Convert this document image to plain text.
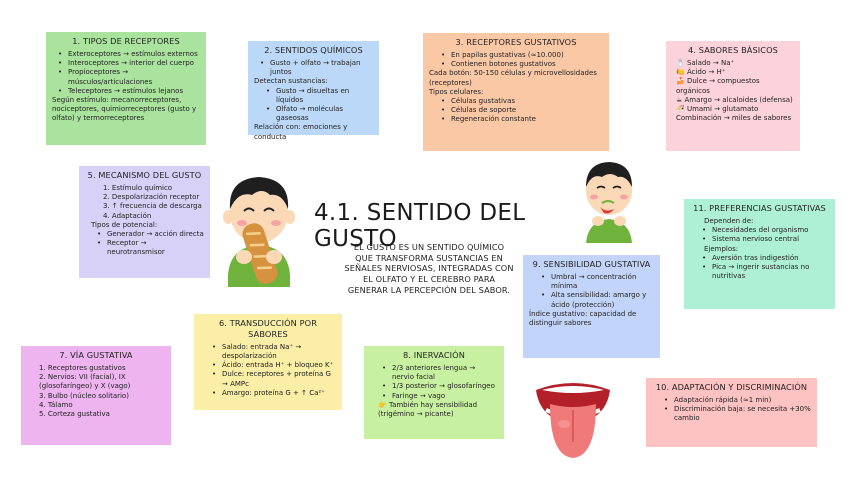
4.1. SENTIDO DEL GUSTO

EL GUSTO ES UN SENTIDO QUÍMICO QUE TRANSFORMA SUSTANCIAS EN SEÑALES NERVIOSAS, INTEGRADAS CON EL OLFATO Y EL CEREBRO PARA GENERAR LA PERCEPCIÓN DEL SABOR.

1. TIPOS DE RECEPTORES
• Exteroceptores → estímulos externos
• Interoceptores → interior del cuerpo
• Propioceptores → músculos/articulaciones
• Teleceptores → estímulos lejanos
Según estímulo: mecanorreceptores, nociceptores, quimiorreceptores (gusto y olfato) y termorreceptores
2. SENTIDOS QUÍMICOS
• Gusto + olfato → trabajan juntos
Detectan sustancias:
• Gusto → disueltas en líquidos
• Olfato → moléculas gaseosas
Relación con: emociones y conducta
3. RECEPTORES GUSTATIVOS
• En papilas gustativas (≈10.000)
• Contienen botones gustativos
Cada botón: 50-150 células y microvellosidades (receptores)
Tipos celulares:
• Células gustativas
• Células de soporte
• Regeneración constante
4. SABORES BÁSICOS
🧂 Salado → Na⁺
🍋 Ácido → H⁺
🍰 Dulce → compuestos orgánicos
☕ Amargo → alcaloides (defensa)
🍜 Umami → glutamato
Combinación → miles de sabores
5. MECANISMO DEL GUSTO
1. Estímulo químico
2. Despolarización receptor
3. ↑ frecuencia de descarga
4. Adaptación
Tipos de potencial:
• Generador → acción directa
• Receptor → neurotransmisor
6. TRANSDUCCIÓN POR SABORES
• Salado: entrada Na⁺ → despolarización
• Ácido: entrada H⁺ + bloqueo K⁺
• Dulce: receptores + proteína G → AMPc
• Amargo: proteína G + ↑ Ca²⁺
7. VÍA GUSTATIVA
1. Receptores gustativos
2. Nervios: VII (facial), IX (glosofaríngeo) y X (vago)
3. Bulbo (núcleo solitario)
4. Tálamo
5. Corteza gustativa
8. INERVACIÓN
• 2/3 anteriores lengua → nervio facial
• 1/3 posterior → glosofaríngeo
• Faringe → vago
👉 También hay sensibilidad (trigémino → picante)
9. SENSIBILIDAD GUSTATIVA
• Umbral → concentración mínima
• Alta sensibilidad: amargo y ácido (protección)
Índice gustativo: capacidad de distinguir sabores
10. ADAPTACIÓN Y DISCRIMINACIÓN
• Adaptación rápida (≈1 min)
• Discriminación baja: se necesita +30% cambio
11. PREFERENCIAS GUSTATIVAS
Dependen de:
• Necesidades del organismo
• Sistema nervioso central
Ejemplos:
• Aversión tras indigestión
• Pica → ingerir sustancias no nutritivas
